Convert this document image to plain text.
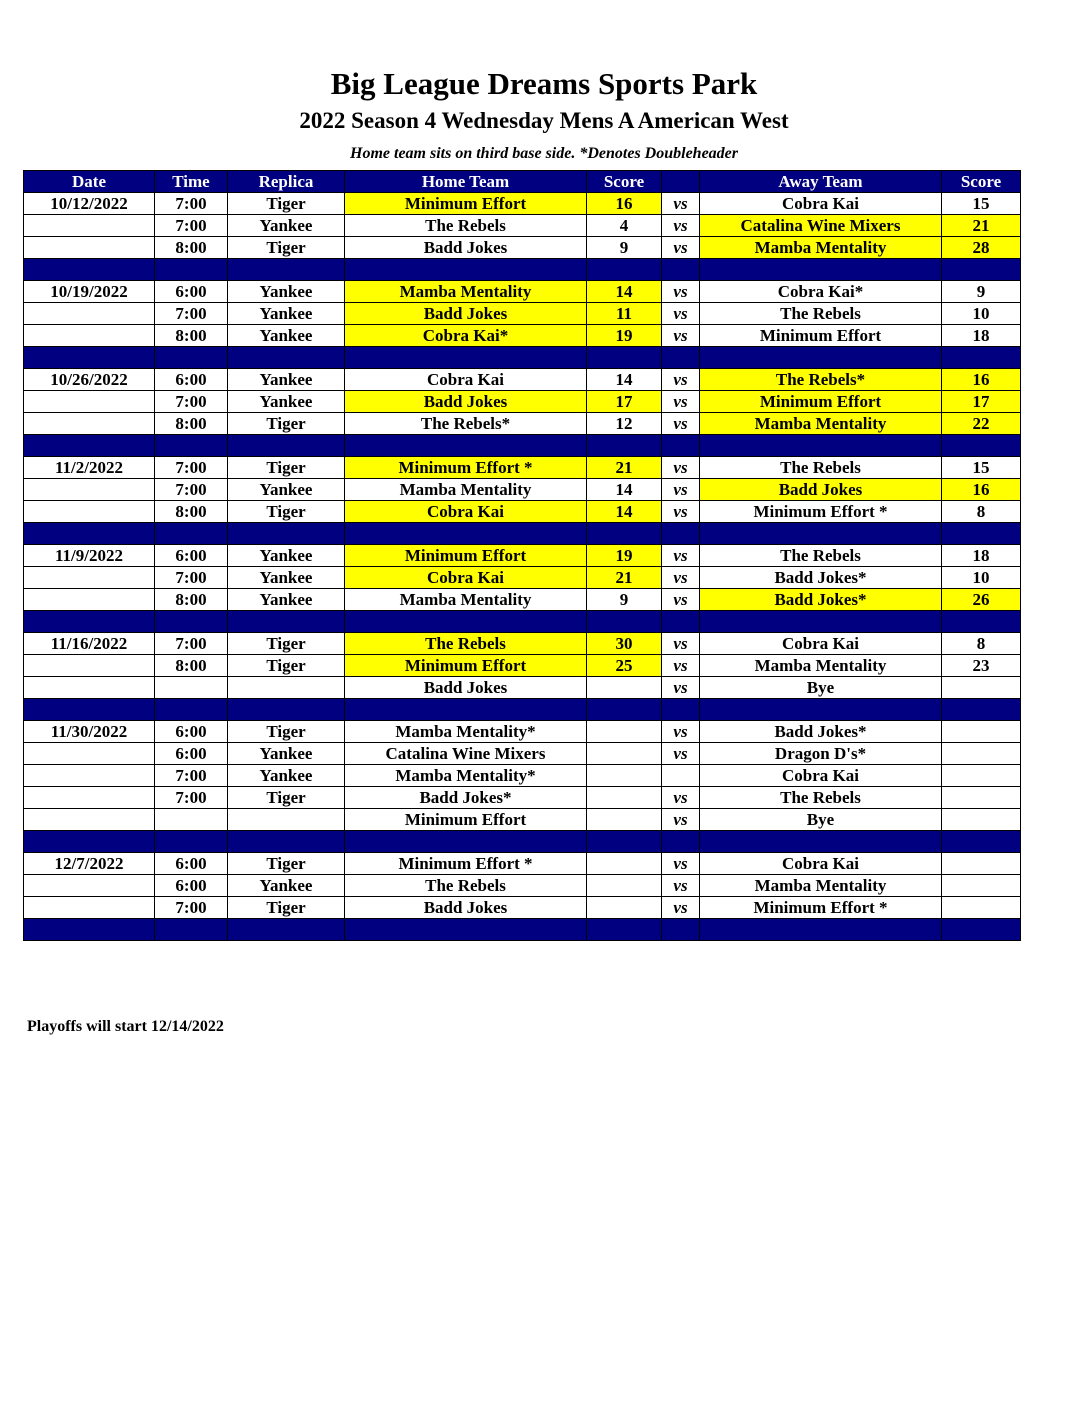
Big League Dreams Sports Park
2022 Season 4 Wednesday Mens A American West
Home team sits on third base side. *Denotes Doubleheader
Date	Time	Replica	Home Team	Score		Away Team	Score
10/12/2022	7:00	Tiger	Minimum Effort	16	vs	Cobra Kai	15
	7:00	Yankee	The Rebels	4	vs	Catalina Wine Mixers	21
	8:00	Tiger	Badd Jokes	9	vs	Mamba Mentality	28

10/19/2022	6:00	Yankee	Mamba Mentality	14	vs	Cobra Kai*	9
	7:00	Yankee	Badd Jokes	11	vs	The Rebels	10
	8:00	Yankee	Cobra Kai*	19	vs	Minimum Effort	18

10/26/2022	6:00	Yankee	Cobra Kai	14	vs	The Rebels*	16
	7:00	Yankee	Badd Jokes	17	vs	Minimum Effort	17
	8:00	Tiger	The Rebels*	12	vs	Mamba Mentality	22

11/2/2022	7:00	Tiger	Minimum Effort *	21	vs	The Rebels	15
	7:00	Yankee	Mamba Mentality	14	vs	Badd Jokes	16
	8:00	Tiger	Cobra Kai	14	vs	Minimum Effort *	8

11/9/2022	6:00	Yankee	Minimum Effort	19	vs	The Rebels	18
	7:00	Yankee	Cobra Kai	21	vs	Badd Jokes*	10
	8:00	Yankee	Mamba Mentality	9	vs	Badd Jokes*	26

11/16/2022	7:00	Tiger	The Rebels	30	vs	Cobra Kai	8
	8:00	Tiger	Minimum Effort	25	vs	Mamba Mentality	23
			Badd Jokes		vs	Bye	

11/30/2022	6:00	Tiger	Mamba Mentality*		vs	Badd Jokes*	
	6:00	Yankee	Catalina Wine Mixers		vs	Dragon D's*	
	7:00	Yankee	Mamba Mentality*			Cobra Kai	
	7:00	Tiger	Badd Jokes*		vs	The Rebels	
			Minimum Effort		vs	Bye	

12/7/2022	6:00	Tiger	Minimum Effort *		vs	Cobra Kai	
	6:00	Yankee	The Rebels		vs	Mamba Mentality	
	7:00	Tiger	Badd Jokes		vs	Minimum Effort *	

Playoffs will start 12/14/2022
